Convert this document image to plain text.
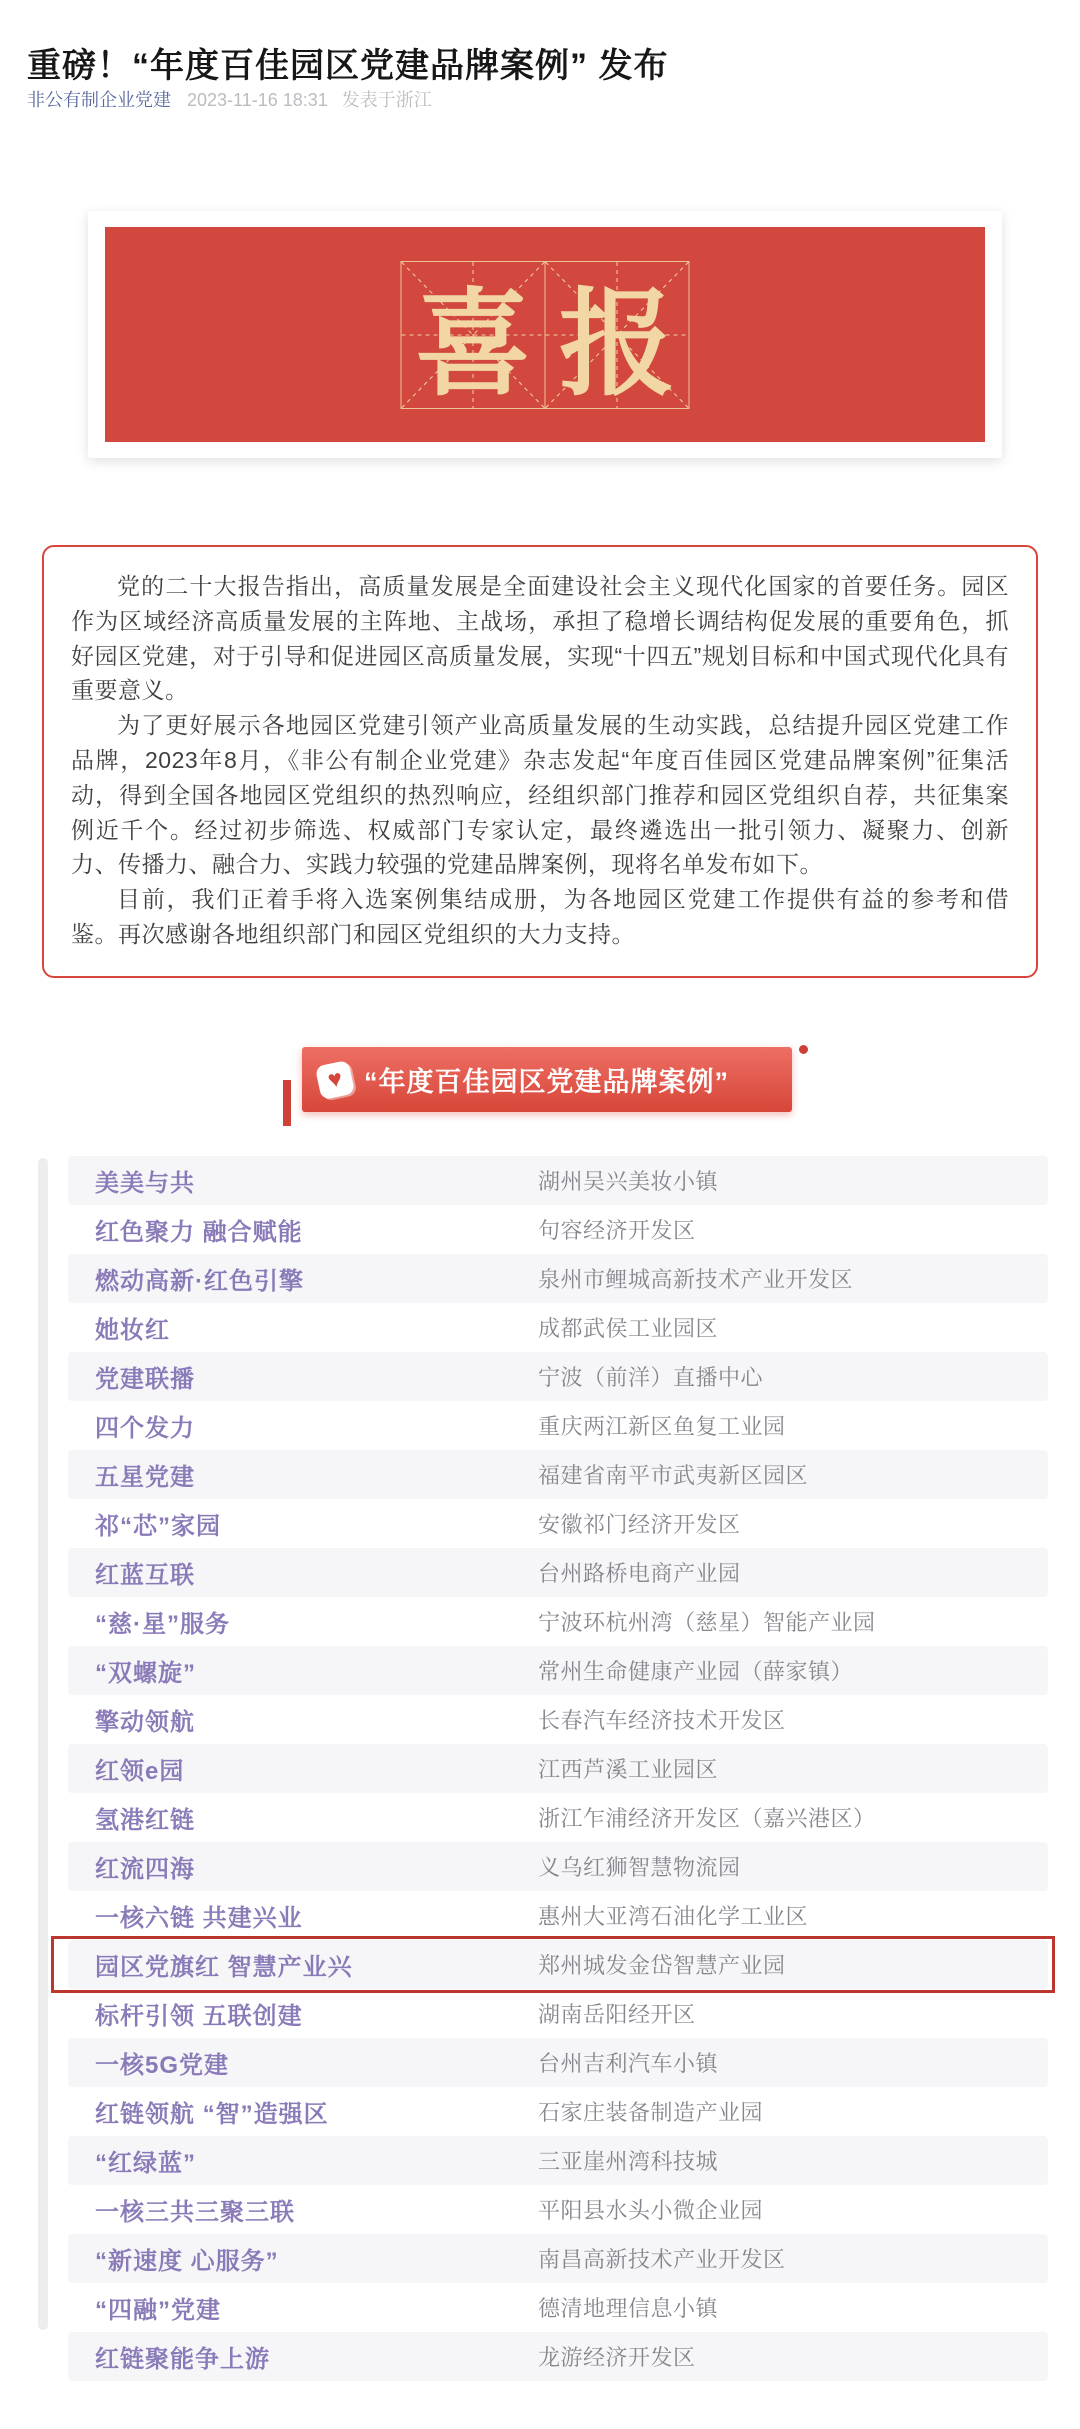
重磅！“年度百佳园区党建品牌案例” 发布
非公有制企业党建 2023-11-16 18:31 发表于浙江
喜 报

党的二十大报告指出，高质量发展是全面建设社会主义现代化国家的首要任务。园区作为区域经济高质量发展的主阵地、主战场，承担了稳增长调结构促发展的重要角色，抓好园区党建，对于引导和促进园区高质量发展，实现“十四五”规划目标和中国式现代化具有重要意义。

为了更好展示各地园区党建引领产业高质量发展的生动实践，总结提升园区党建工作品牌，2023年8月，《非公有制企业党建》杂志发起“年度百佳园区党建品牌案例”征集活动，得到全国各地园区党组织的热烈响应，经组织部门推荐和园区党组织自荐，共征集案例近千个。经过初步筛选、权威部门专家认定，最终遴选出一批引领力、凝聚力、创新力、传播力、融合力、实践力较强的党建品牌案例，现将名单发布如下。

目前，我们正着手将入选案例集结成册，为各地园区党建工作提供有益的参考和借鉴。再次感谢各地组织部门和园区党组织的大力支持。

♥ “年度百佳园区党建品牌案例”
美美与共	湖州吴兴美妆小镇
红色聚力 融合赋能	句容经济开发区
燃动高新·红色引擎	泉州市鲤城高新技术产业开发区
她妆红	成都武侯工业园区
党建联播	宁波（前洋）直播中心
四个发力	重庆两江新区鱼复工业园
五星党建	福建省南平市武夷新区园区
祁“芯”家园	安徽祁门经济开发区
红蓝互联	台州路桥电商产业园
“慈·星”服务	宁波环杭州湾（慈星）智能产业园
“双螺旋”	常州生命健康产业园（薛家镇）
擎动领航	长春汽车经济技术开发区
红领e园	江西芦溪工业园区
氢港红链	浙江乍浦经济开发区（嘉兴港区）
红流四海	义乌红狮智慧物流园
一核六链 共建兴业	惠州大亚湾石油化学工业区
园区党旗红 智慧产业兴	郑州城发金岱智慧产业园
标杆引领 五联创建	湖南岳阳经开区
一核5G党建	台州吉利汽车小镇
红链领航 “智”造强区	石家庄装备制造产业园
“红绿蓝”	三亚崖州湾科技城
一核三共三聚三联	平阳县水头小微企业园
“新速度 心服务”	南昌高新技术产业开发区
“四融”党建	德清地理信息小镇
红链聚能争上游	龙游经济开发区
